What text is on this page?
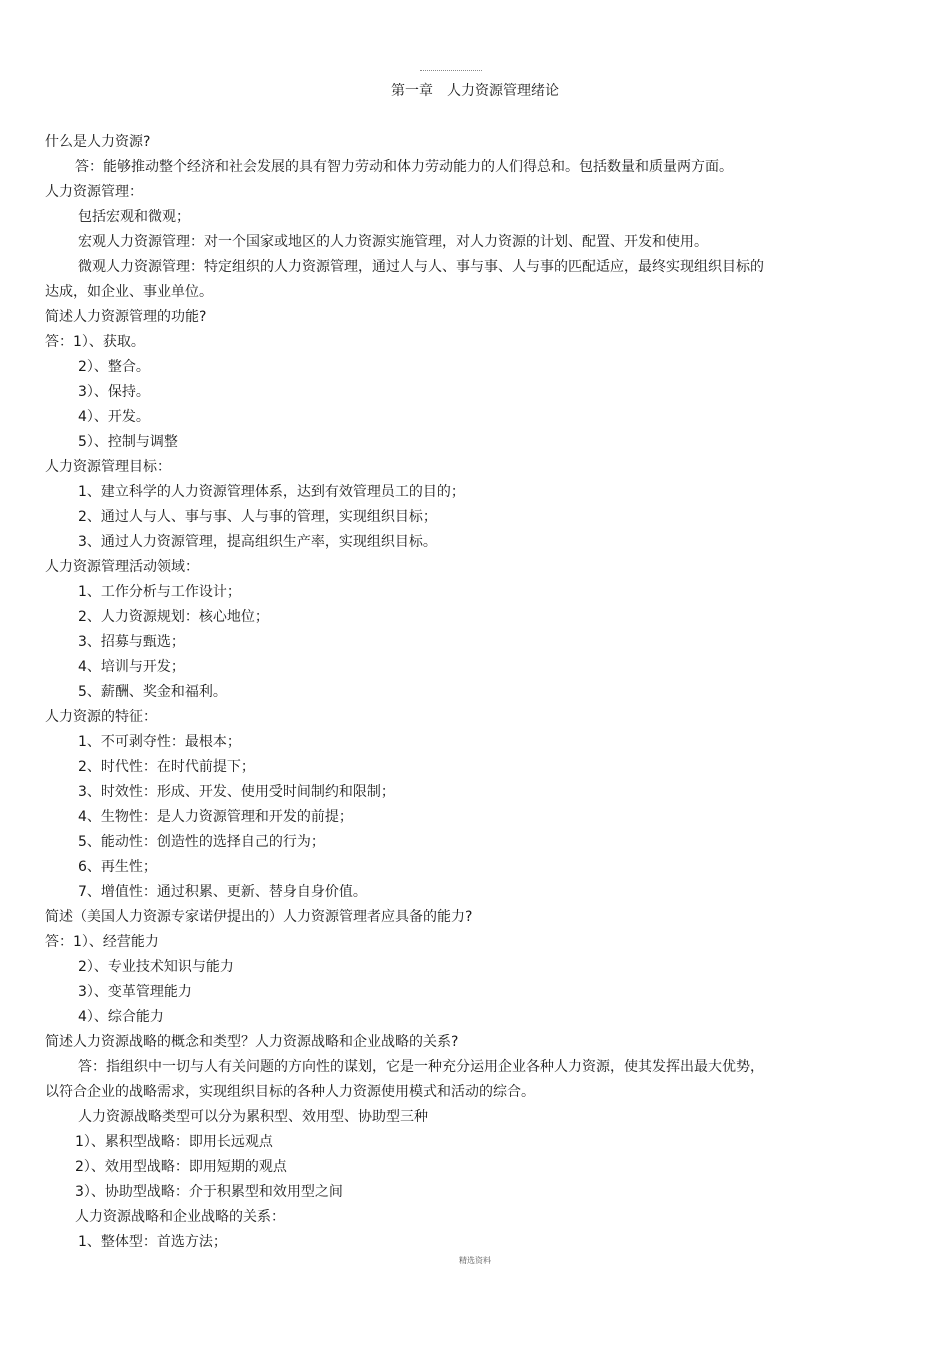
第一章　人力资源管理绪论
什么是人力资源?
答：能够推动整个经济和社会发展的具有智力劳动和体力劳动能力的人们得总和。包括数量和质量两方面。
人力资源管理：
包括宏观和微观；
宏观人力资源管理：对一个国家或地区的人力资源实施管理，对人力资源的计划、配置、开发和使用。
微观人力资源管理：特定组织的人力资源管理，通过人与人、事与事、人与事的匹配适应，最终实现组织目标的
达成，如企业、事业单位。
简述人力资源管理的功能?
答：1）、获取。
2）、整合。
3）、保持。
4）、开发。
5）、控制与调整
人力资源管理目标：
1、建立科学的人力资源管理体系，达到有效管理员工的目的；
2、通过人与人、事与事、人与事的管理，实现组织目标；
3、通过人力资源管理，提高组织生产率，实现组织目标。
人力资源管理活动领域：
1、工作分析与工作设计；
2、人力资源规划：核心地位；
3、招募与甄选；
4、培训与开发；
5、薪酬、奖金和福利。
人力资源的特征：
1、不可剥夺性：最根本；
2、时代性：在时代前提下；
3、时效性：形成、开发、使用受时间制约和限制；
4、生物性：是人力资源管理和开发的前提；
5、能动性：创造性的选择自己的行为；
6、再生性；
7、增值性：通过积累、更新、替身自身价值。
简述（美国人力资源专家诺伊提出的）人力资源管理者应具备的能力?
答：1）、经营能力
2）、专业技术知识与能力
3）、变革管理能力
4）、综合能力
简述人力资源战略的概念和类型？人力资源战略和企业战略的关系?
答：指组织中一切与人有关问题的方向性的谋划，它是一种充分运用企业各种人力资源，使其发挥出最大优势，
以符合企业的战略需求，实现组织目标的各种人力资源使用模式和活动的综合。
人力资源战略类型可以分为累积型、效用型、协助型三种
1）、累积型战略：即用长远观点
2）、效用型战略：即用短期的观点
3）、协助型战略：介于积累型和效用型之间
人力资源战略和企业战略的关系：
1、整体型：首选方法；
精选资料
